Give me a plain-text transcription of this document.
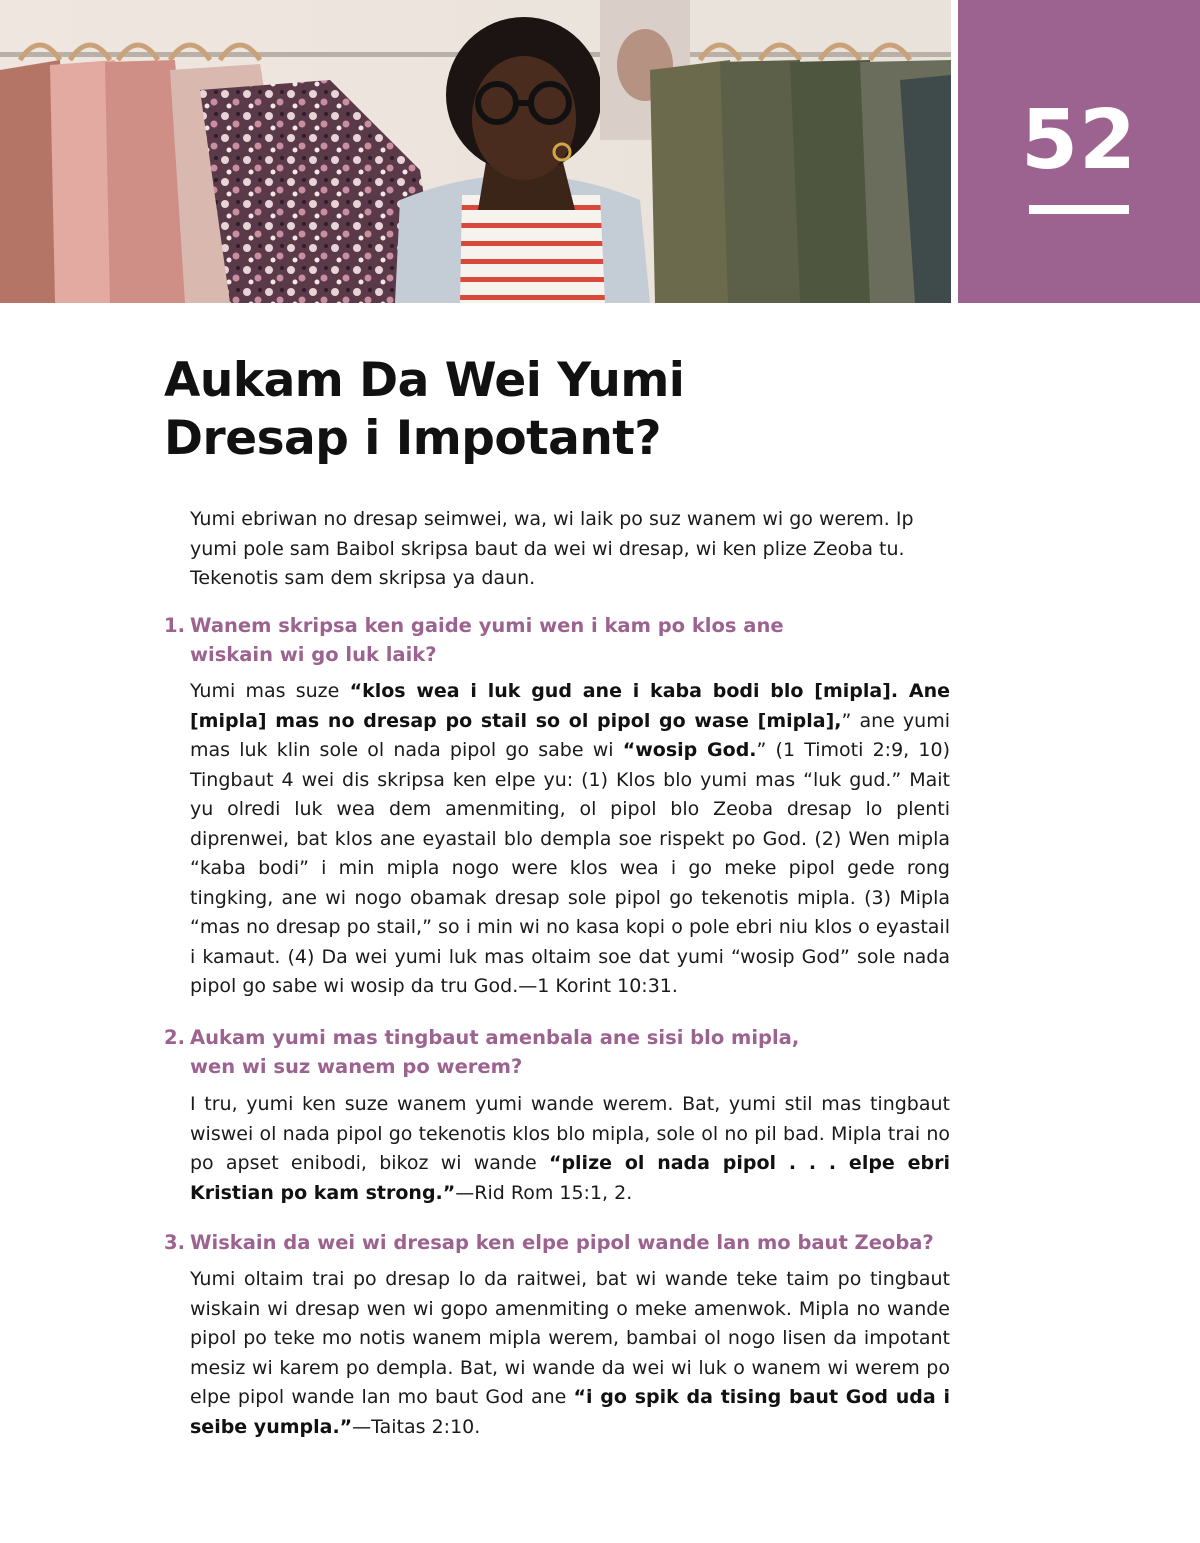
52
Aukam Da Wei Yumi
Dresap i Impotant?

Yumi ebriwan no dresap seimwei, wa, wi laik po suz wanem wi go werem. Ip yumi pole sam Baibol skripsa baut da wei wi dresap, wi ken plize Zeoba tu. Tekenotis sam dem skripsa ya daun.

1. Wanem skripsa ken gaide yumi wen i kam po klos ane
wiskain wi go luk laik?

Yumi mas suze “klos wea i luk gud ane i kaba bodi blo [mipla]. Ane [mipla] mas no dresap po stail so ol pipol go wase [mipla],” ane yumi mas luk klin sole ol nada pipol go sabe wi “wosip God.” (1 Timoti 2:9, 10) Tingbaut 4 wei dis skripsa ken elpe yu: (1) Klos blo yumi mas “luk gud.” Mait yu olredi luk wea dem amenmiting, ol pipol blo Zeoba dresap lo plenti diprenwei, bat klos ane eyastail blo dempla soe rispekt po God. (2) Wen mipla “kaba bodi” i min mipla nogo were klos wea i go meke pipol gede rong tingking, ane wi nogo obamak dresap sole pipol go tekenotis mipla. (3) Mipla “mas no dresap po stail,” so i min wi no kasa kopi o pole ebri niu klos o eyastail i kamaut. (4) Da wei yumi luk mas oltaim soe dat yumi “wosip God” sole nada pipol go sabe wi wosip da tru God.—1 Korint 10:31.

2. Aukam yumi mas tingbaut amenbala ane sisi blo mipla,
wen wi suz wanem po werem?

I tru, yumi ken suze wanem yumi wande werem. Bat, yumi stil mas tingbaut wiswei ol nada pipol go tekenotis klos blo mipla, sole ol no pil bad. Mipla trai no po apset enibodi, bikoz wi wande “plize ol nada pipol . . . elpe ebri Kristian po kam strong.”—Rid Rom 15:1, 2.

3. Wiskain da wei wi dresap ken elpe pipol wande lan mo baut Zeoba?

Yumi oltaim trai po dresap lo da raitwei, bat wi wande teke taim po tingbaut wiskain wi dresap wen wi gopo amenmiting o meke amenwok. Mipla no wande pipol po teke mo notis wanem mipla werem, bambai ol nogo lisen da impotant mesiz wi karem po dempla. Bat, wi wande da wei wi luk o wanem wi werem po elpe pipol wande lan mo baut God ane “i go spik da tising baut God uda i seibe yumpla.”—Taitas 2:10.
